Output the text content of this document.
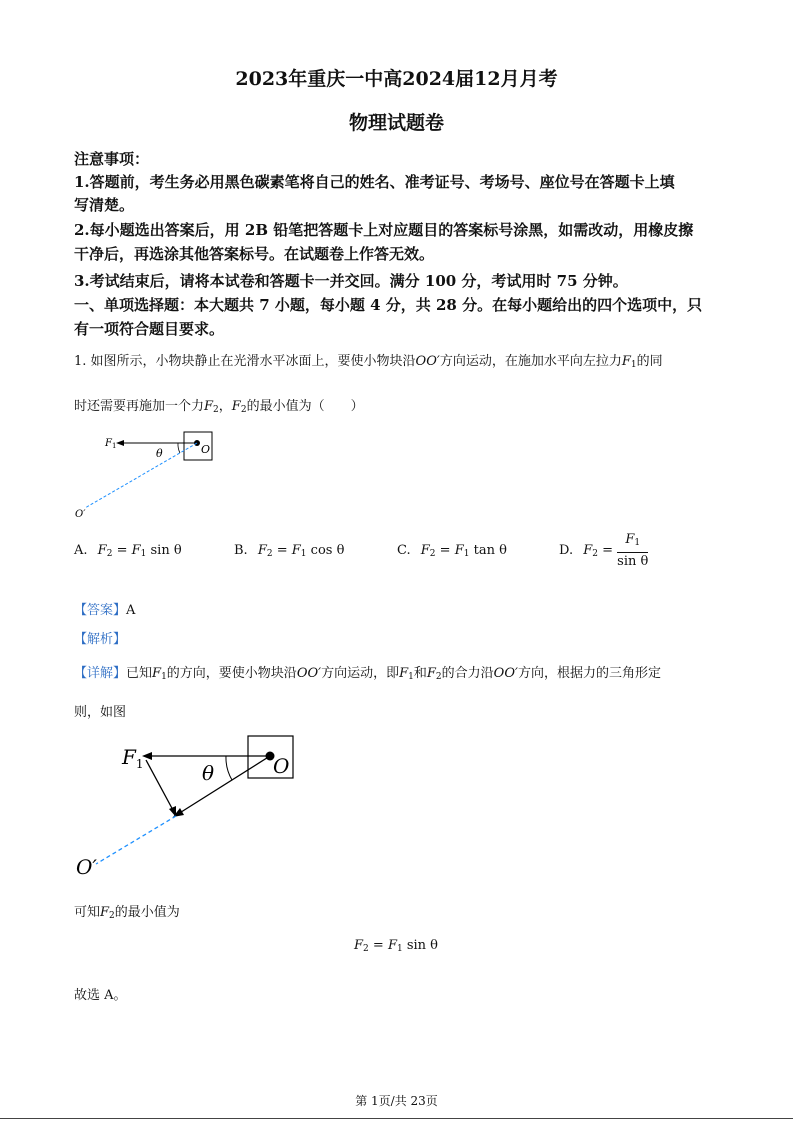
2023年重庆一中高2024届12月月考
物理试题卷
注意事项：
1.答题前，考生务必用黑色碳素笔将自己的姓名、准考证号、考场号、座位号在答题卡上填
写清楚。
2.每小题选出答案后，用 2B 铅笔把答题卡上对应题目的答案标号涂黑，如需改动，用橡皮擦
干净后，再选涂其他答案标号。在试题卷上作答无效。
3.考试结束后，请将本试卷和答题卡一并交回。满分 100 分，考试用时 75 分钟。
一、单项选择题：本大题共 7 小题，每小题 4 分，共 28 分。在每小题给出的四个选项中，只
有一项符合题目要求。
1. 如图所示，小物块静止在光滑水平冰面上，要使小物块沿OO′方向运动，在施加水平向左拉力$F_1$的同
时还需要再施加一个力$F_2$，$F_2$的最小值为（　　）
$F_1$
θ	O
O′
A. $F_2 = F_1$ sin θ	B. $F_2 = F_1$ cos θ	C. $F_2 = F_1$ tan θ	D. $F_2 = \frac{F_1}{\text{sin θ}}$
【答案】A
【解析】
【详解】已知$F_1$的方向，要使小物块沿OO′方向运动，即$F_1$和$F_2$的合力沿OO′方向，根据力的三角形定
则，如图
$F_1$	θ	O
O′
可知$F_2$的最小值为
$F_2 = F_1$ sin θ
故选 A。
第 1页/共 23页
